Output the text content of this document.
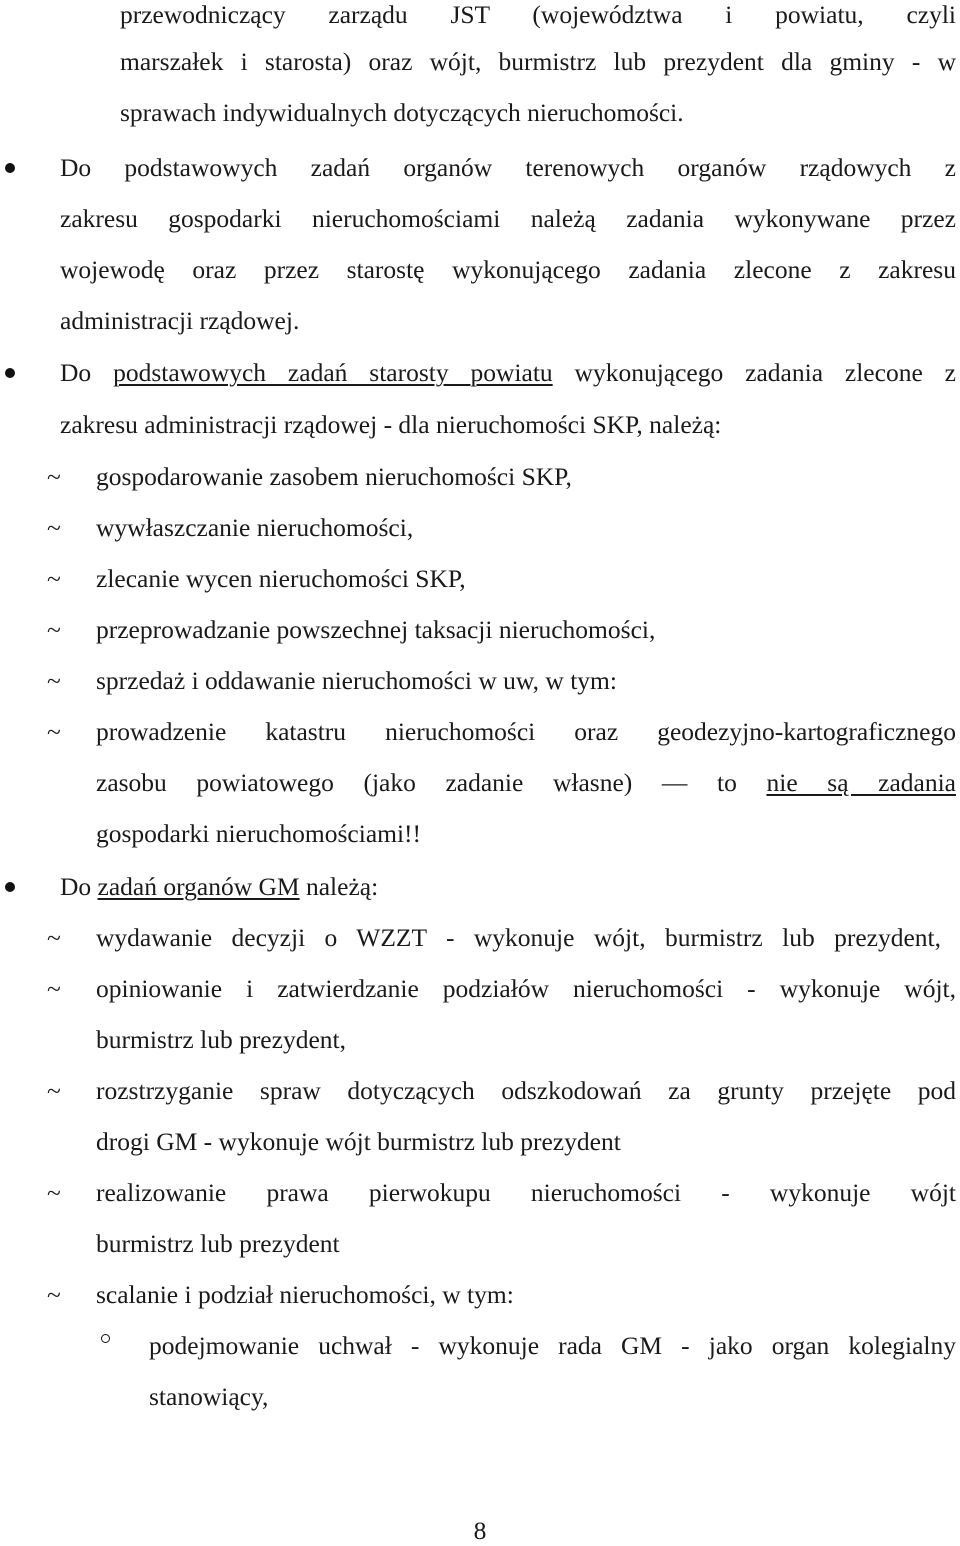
przewodniczący zarządu JST (województwa i powiatu, czyli

marszałek i starosta) oraz wójt, burmistrz lub prezydent dla gminy - w

sprawach indywidualnych dotyczących nieruchomości.

Do podstawowych zadań organów terenowych organów rządowych z

zakresu gospodarki nieruchomościami należą zadania wykonywane przez

wojewodę oraz przez starostę wykonującego zadania zlecone z zakresu

administracji rządowej.

Do podstawowych zadań starosty powiatu wykonującego zadania zlecone z

zakresu administracji rządowej - dla nieruchomości SKP, należą:

~ gospodarowanie zasobem nieruchomości SKP,

~ wywłaszczanie nieruchomości,

~ zlecanie wycen nieruchomości SKP,

~ przeprowadzanie powszechnej taksacji nieruchomości,

~ sprzedaż i oddawanie nieruchomości w uw, w tym:

~ prowadzenie katastru nieruchomości oraz geodezyjno-kartograficznego

zasobu powiatowego (jako zadanie własne) — to nie są zadania

gospodarki nieruchomościami!!

Do zadań organów GM należą:

~ wydawanie decyzji o WZZT - wykonuje wójt, burmistrz lub prezydent,

~ opiniowanie i zatwierdzanie podziałów nieruchomości - wykonuje wójt,

burmistrz lub prezydent,

~ rozstrzyganie spraw dotyczących odszkodowań za grunty przejęte pod

drogi GM - wykonuje wójt burmistrz lub prezydent

~ realizowanie prawa pierwokupu nieruchomości - wykonuje wójt

burmistrz lub prezydent

~ scalanie i podział nieruchomości, w tym:

podejmowanie uchwał - wykonuje rada GM - jako organ kolegialny

stanowiący,

8
